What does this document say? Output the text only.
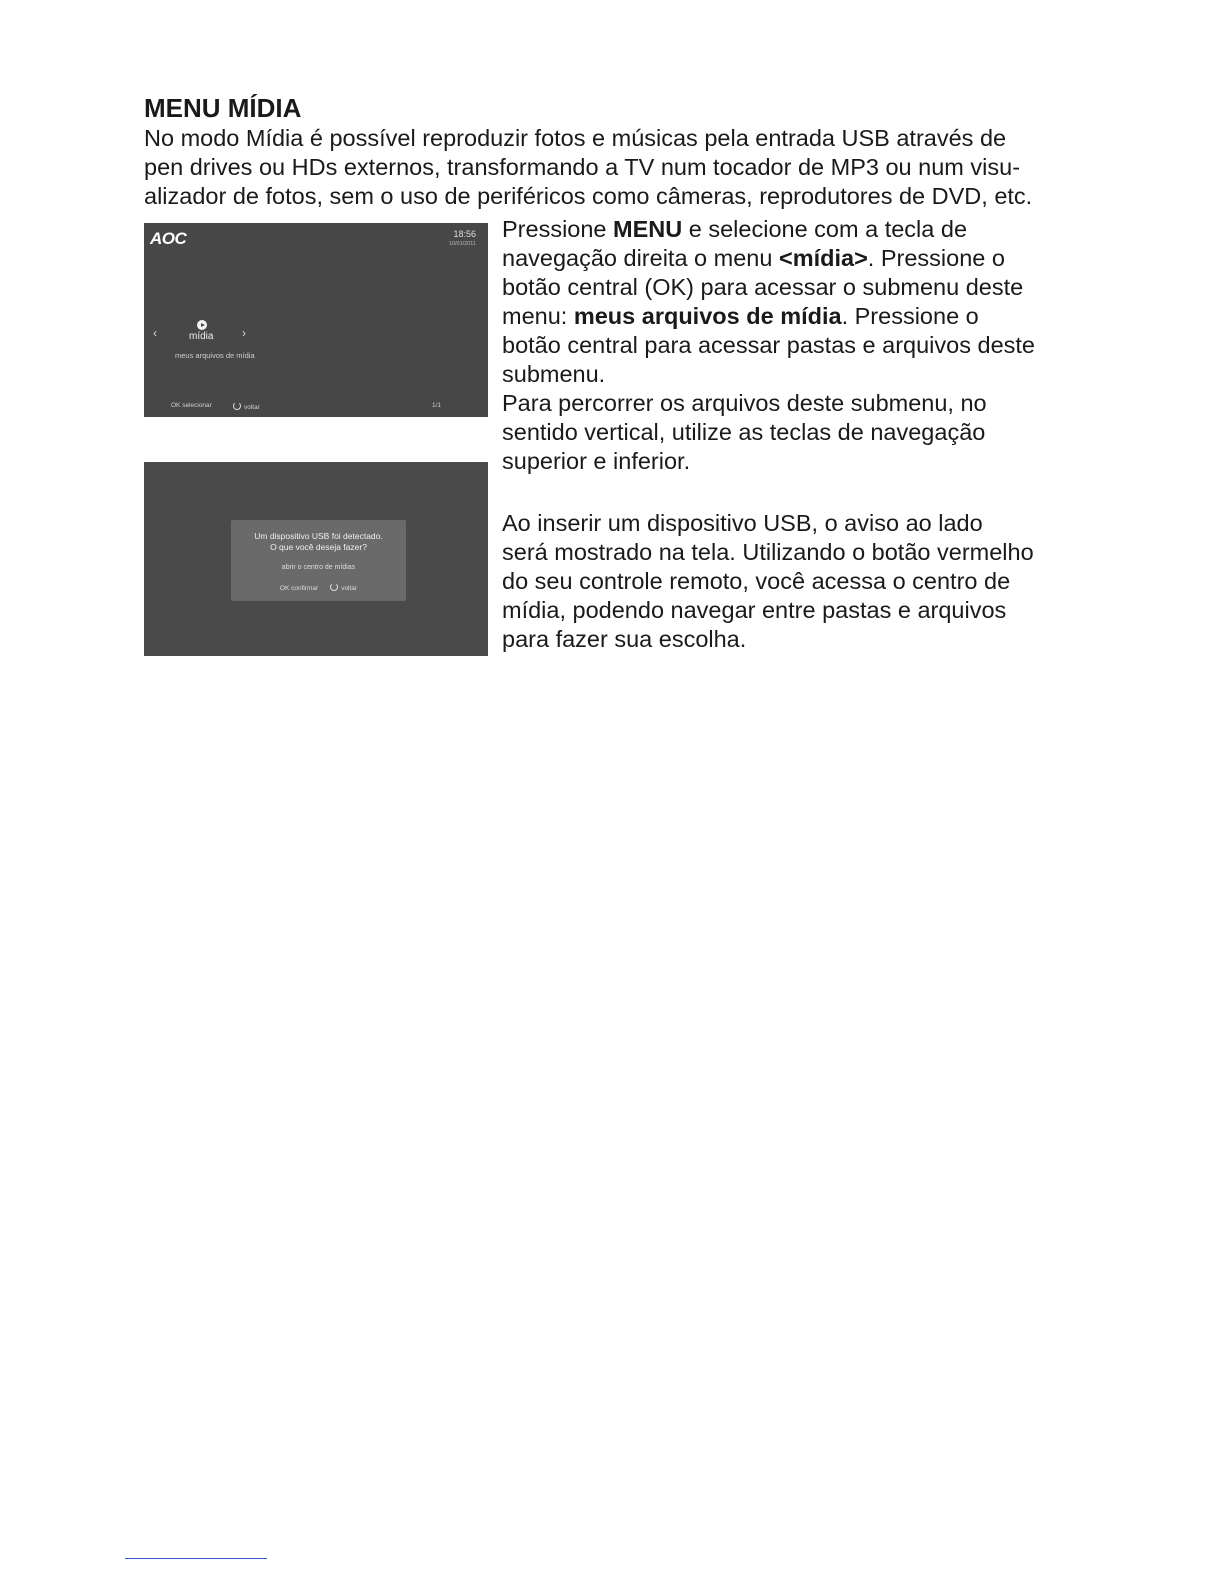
MENU MÍDIA
No modo Mídia é possível reproduzir fotos e músicas pela entrada USB através de
pen drives ou HDs externos, transformando a TV num tocador de MP3 ou num visu-
alizador de fotos, sem o uso de periféricos como câmeras, reprodutores de DVD, etc.
AOC	18:56
10/01/2011
‹	mídia ›
meus arquivos de mídia
OK selecionar	voltar	1/1
Um dispositivo USB foi detectado.
O que você deseja fazer?
abrir o centro de mídias
OK confirmar	voltar
Pressione MENU e selecione com a tecla de
navegação direita o menu <mídia>. Pressione o
botão central (OK) para acessar o submenu deste
menu: meus arquivos de mídia. Pressione o
botão central para acessar pastas e arquivos deste
submenu.
Para percorrer os arquivos deste submenu, no
sentido vertical, utilize as teclas de navegação
superior e inferior.
Ao inserir um dispositivo USB, o aviso ao lado
será mostrado na tela. Utilizando o botão vermelho
do seu controle remoto, você acessa o centro de
mídia, podendo navegar entre pastas e arquivos
para fazer sua escolha.
